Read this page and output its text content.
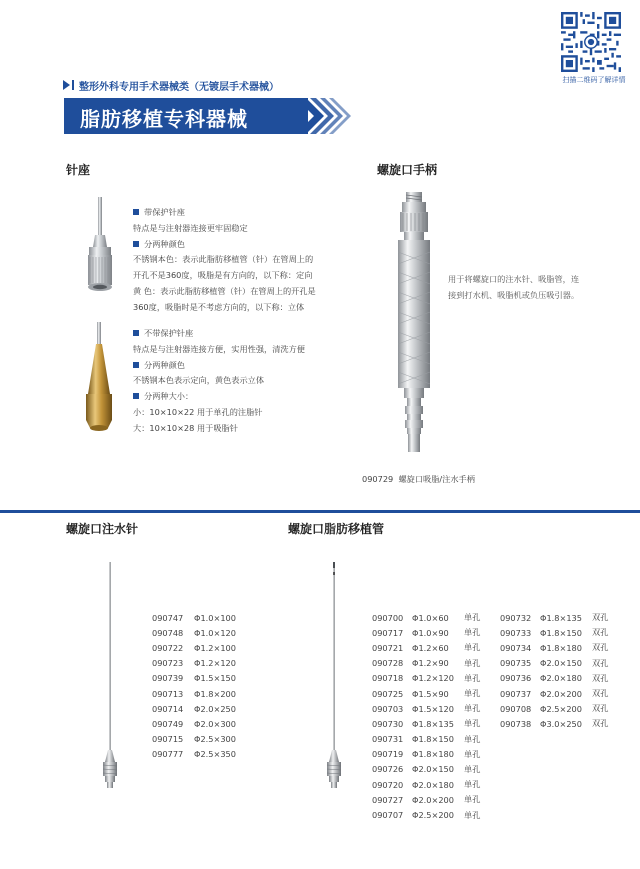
扫描二维码了解详情
整形外科专用手术器械类（无镀层手术器械）
脂肪移植专科器械
针座
带保护针座
特点是与注射器连接更牢固稳定
分两种颜色
不锈钢本色：表示此脂肪移植管（针）在管周上的
开孔不是360度，吸脂是有方向的，以下称：定向
黄 色：表示此脂肪移植管（针）在管周上的开孔是
360度，吸脂时是不考虑方向的，以下称：立体
不带保护针座
特点是与注射器连接方便，实用性强，清洗方便
分两种颜色
不锈钢本色表示定向，黄色表示立体
分两种大小：
小：10×10×22 用于单孔的注脂针
大：10×10×28 用于吸脂针
螺旋口手柄
用于将螺旋口的注水针、吸脂管，连
接到打水机、吸脂机或负压吸引器。
090729 螺旋口吸脂/注水手柄
螺旋口注水针
090747	Φ1.0×100
090748	Φ1.0×120
090722	Φ1.2×100
090723	Φ1.2×120
090739	Φ1.5×150
090713	Φ1.8×200
090714	Φ2.0×250
090749	Φ2.0×300
090715	Φ2.5×300
090777	Φ2.5×350
螺旋口脂肪移植管
090700	Φ1.0×60	单孔
090717	Φ1.0×90	单孔
090721	Φ1.2×60	单孔
090728	Φ1.2×90	单孔
090718	Φ1.2×120	单孔
090725	Φ1.5×90	单孔
090703	Φ1.5×120	单孔
090730	Φ1.8×135	单孔
090731	Φ1.8×150	单孔
090719	Φ1.8×180	单孔
090726	Φ2.0×150	单孔
090720	Φ2.0×180	单孔
090727	Φ2.0×200	单孔
090707	Φ2.5×200	单孔
090732	Φ1.8×135	双孔
090733	Φ1.8×150	双孔
090734	Φ1.8×180	双孔
090735	Φ2.0×150	双孔
090736	Φ2.0×180	双孔
090737	Φ2.0×200	双孔
090708	Φ2.5×200	双孔
090738	Φ3.0×250	双孔
